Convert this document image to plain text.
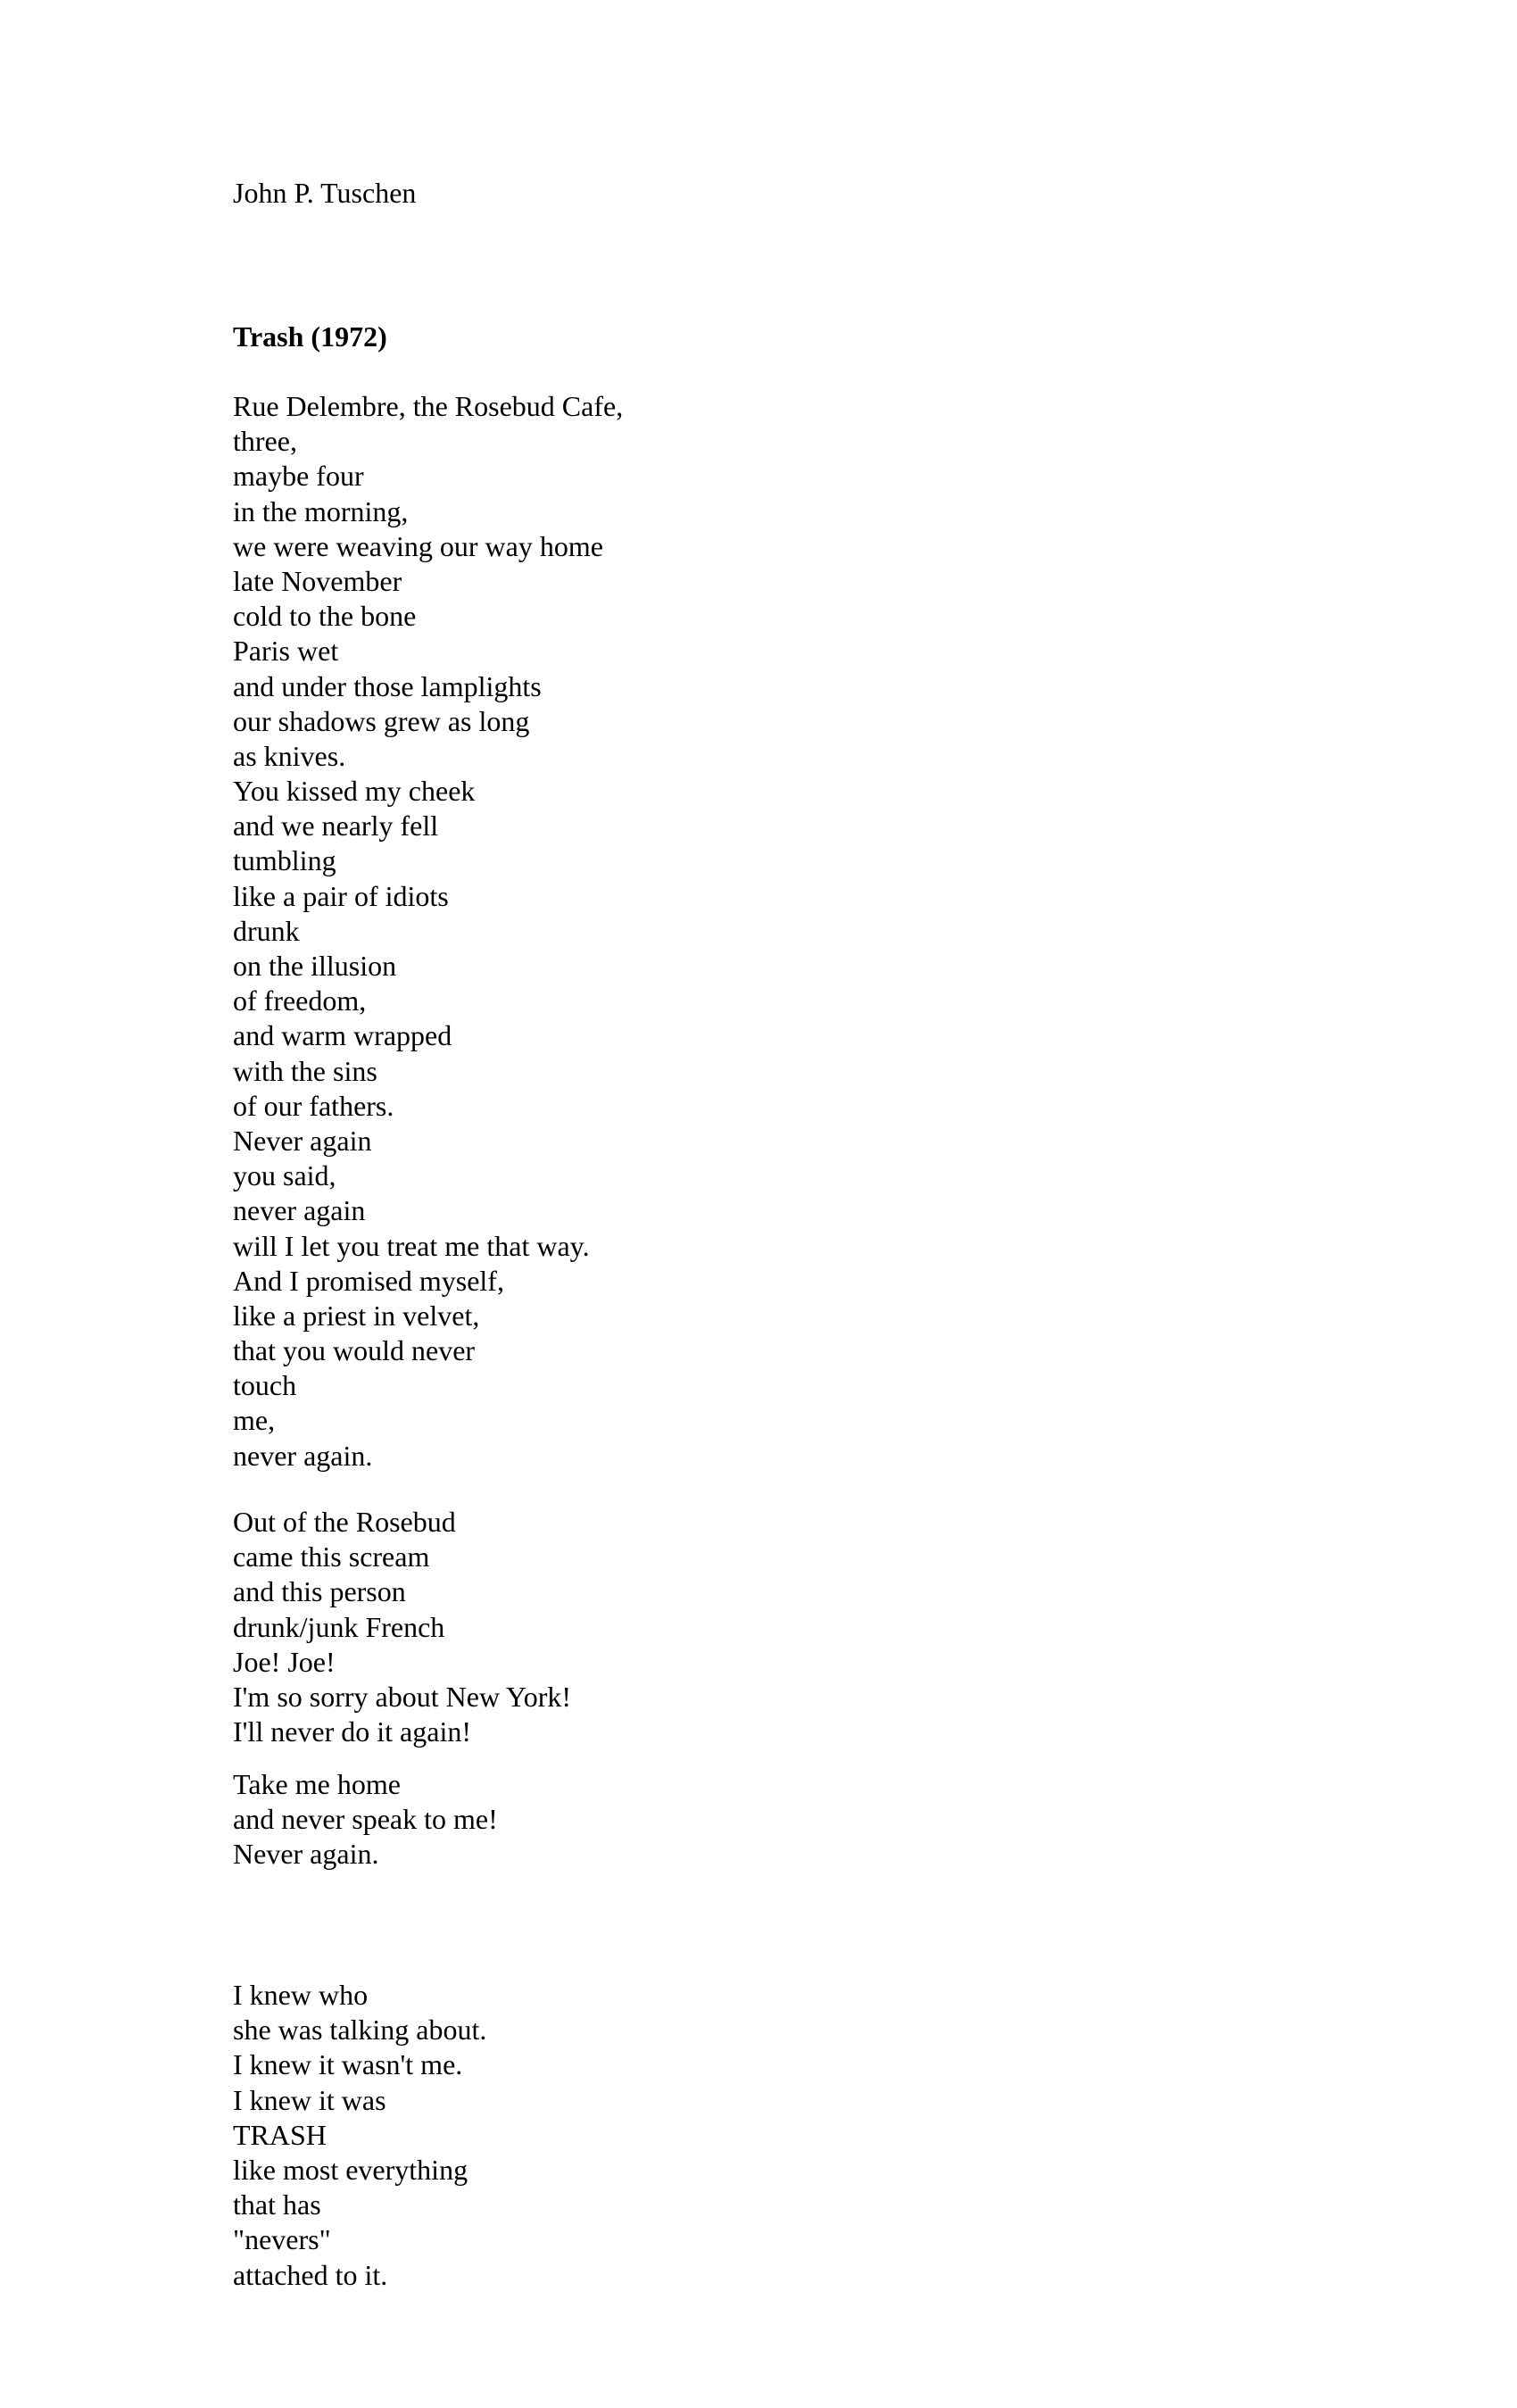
John P. Tuschen
Trash (1972)
Rue Delembre, the Rosebud Cafe,
three,
maybe four
in the morning,
we were weaving our way home
late November
cold to the bone
Paris wet
and under those lamplights
our shadows grew as long
as knives.
You kissed my cheek
and we nearly fell
tumbling
like a pair of idiots
drunk
on the illusion
of freedom,
and warm wrapped
with the sins
of our fathers.
Never again
you said,
never again
will I let you treat me that way.
And I promised myself,
like a priest in velvet,
that you would never
touch
me,
never again.
Out of the Rosebud
came this scream
and this person
drunk/junk French
Joe! Joe!
I'm so sorry about New York!
I'll never do it again!
Take me home
and never speak to me!
Never again.
I knew who
she was talking about.
I knew it wasn't me.
I knew it was
TRASH
like most everything
that has
"nevers"
attached to it.
